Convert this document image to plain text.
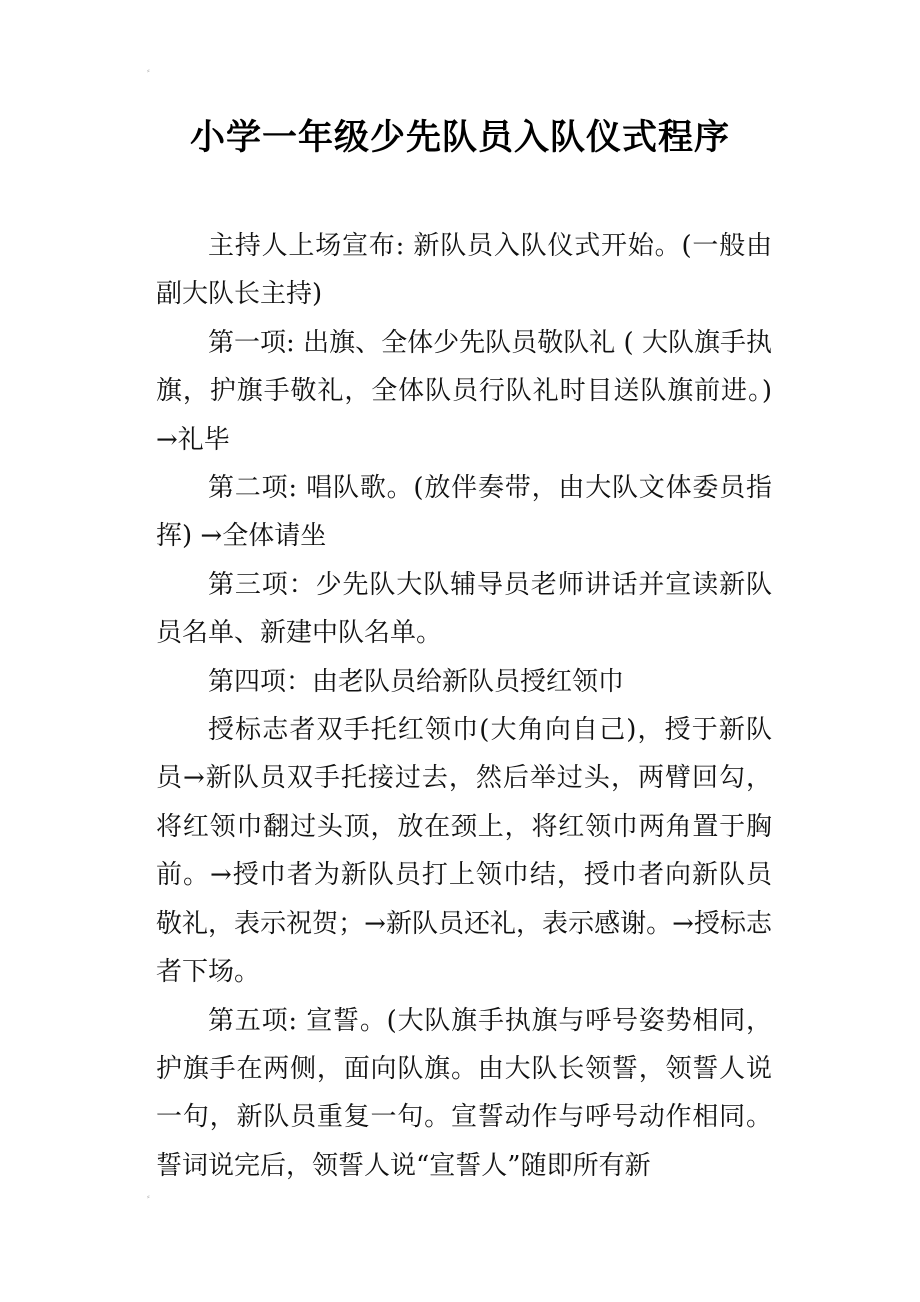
⸗
小学一年级少先队员入队仪式程序

主持人上场宣布: 新队员入队仪式开始。(一般由副大队长主持)

第一项: 出旗、全体少先队员敬队礼 ( 大队旗手执旗，护旗手敬礼，全体队员行队礼时目送队旗前进。) →礼毕

第二项: 唱队歌。(放伴奏带，由大队文体委员指挥) →全体请坐

第三项：少先队大队辅导员老师讲话并宣读新队员名单、新建中队名单。

第四项：由老队员给新队员授红领巾

授标志者双手托红领巾(大角向自己)，授于新队员→新队员双手托接过去，然后举过头，两臂回勾，将红领巾翻过头顶，放在颈上，将红领巾两角置于胸前。→授巾者为新队员打上领巾结，授巾者向新队员敬礼，表示祝贺；→新队员还礼，表示感谢。→授标志者下场。

第五项: 宣誓。(大队旗手执旗与呼号姿势相同，护旗手在两侧，面向队旗。由大队长领誓，领誓人说一句，新队员重复一句。宣誓动作与呼号动作相同。誓词说完后，领誓人说“宣誓人”随即所有新

⸗
